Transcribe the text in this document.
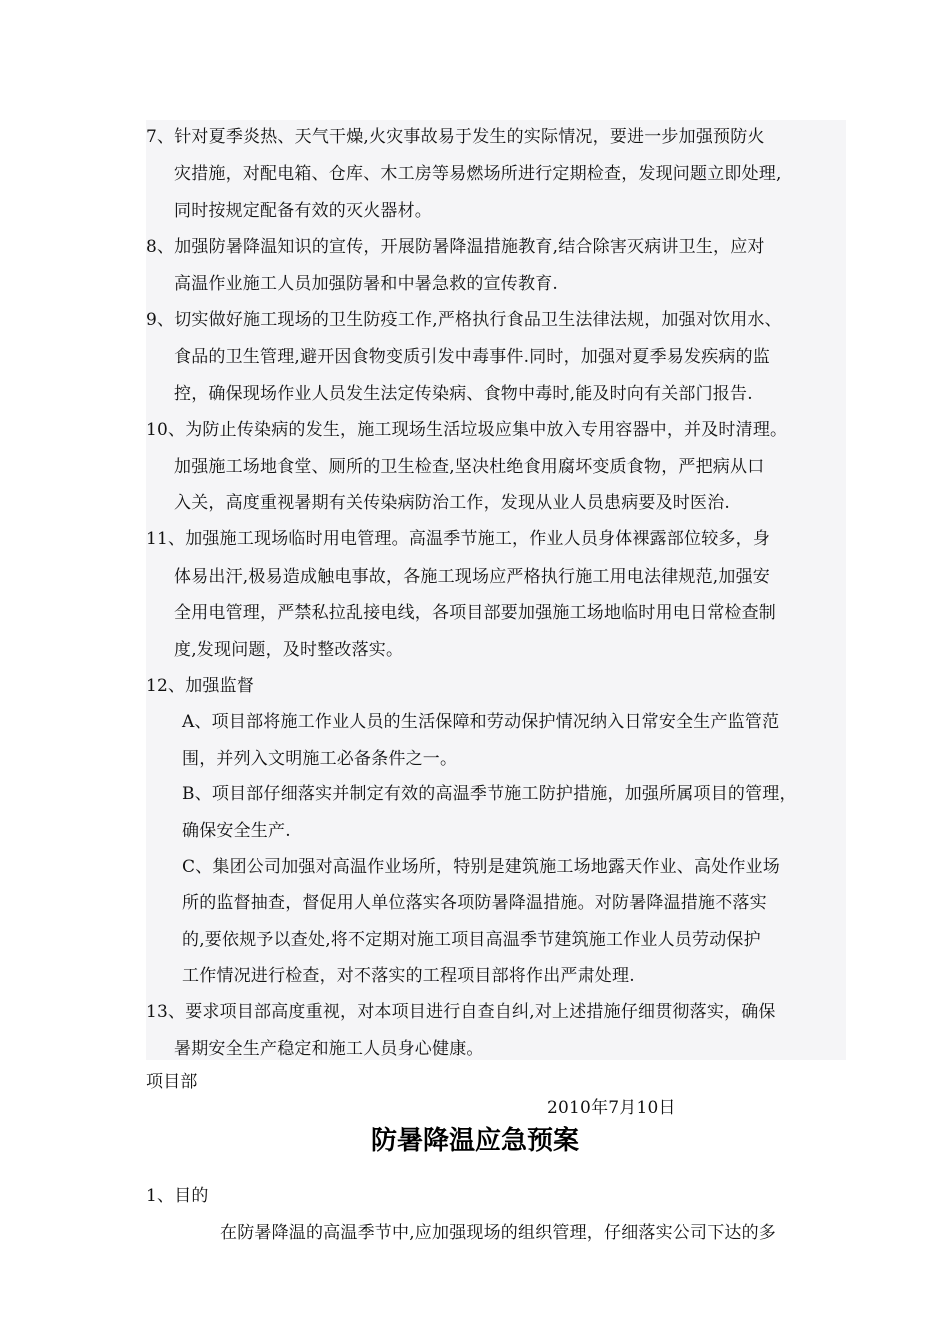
7、针对夏季炎热、天气干燥,火灾事故易于发生的实际情况，要进一步加强预防火
灾措施，对配电箱、仓库、木工房等易燃场所进行定期检查，发现问题立即处理,
同时按规定配备有效的灭火器材。
8、加强防暑降温知识的宣传，开展防暑降温措施教育,结合除害灭病讲卫生，应对
高温作业施工人员加强防暑和中暑急救的宣传教育.
9、切实做好施工现场的卫生防疫工作,严格执行食品卫生法律法规，加强对饮用水、
食品的卫生管理,避开因食物变质引发中毒事件.同时，加强对夏季易发疾病的监
控，确保现场作业人员发生法定传染病、食物中毒时,能及时向有关部门报告.
10、为防止传染病的发生，施工现场生活垃圾应集中放入专用容器中，并及时清理。
加强施工场地食堂、厕所的卫生检查,坚决杜绝食用腐坏变质食物，严把病从口
入关，高度重视暑期有关传染病防治工作，发现从业人员患病要及时医治.
11、加强施工现场临时用电管理。高温季节施工，作业人员身体裸露部位较多，身
体易出汗,极易造成触电事故，各施工现场应严格执行施工用电法律规范,加强安
全用电管理，严禁私拉乱接电线，各项目部要加强施工场地临时用电日常检查制
度,发现问题，及时整改落实。
12、加强监督
A、项目部将施工作业人员的生活保障和劳动保护情况纳入日常安全生产监管范
围，并列入文明施工必备条件之一。
B、项目部仔细落实并制定有效的高温季节施工防护措施，加强所属项目的管理，
确保安全生产.
C、集团公司加强对高温作业场所，特别是建筑施工场地露天作业、高处作业场
所的监督抽查，督促用人单位落实各项防暑降温措施。对防暑降温措施不落实
的,要依规予以查处,将不定期对施工项目高温季节建筑施工作业人员劳动保护
工作情况进行检查，对不落实的工程项目部将作出严肃处理.
13、要求项目部高度重视，对本项目进行自查自纠,对上述措施仔细贯彻落实，确保
暑期安全生产稳定和施工人员身心健康。
项目部
2010年7月10日
防暑降温应急预案
1、目的
在防暑降温的高温季节中,应加强现场的组织管理，仔细落实公司下达的多
